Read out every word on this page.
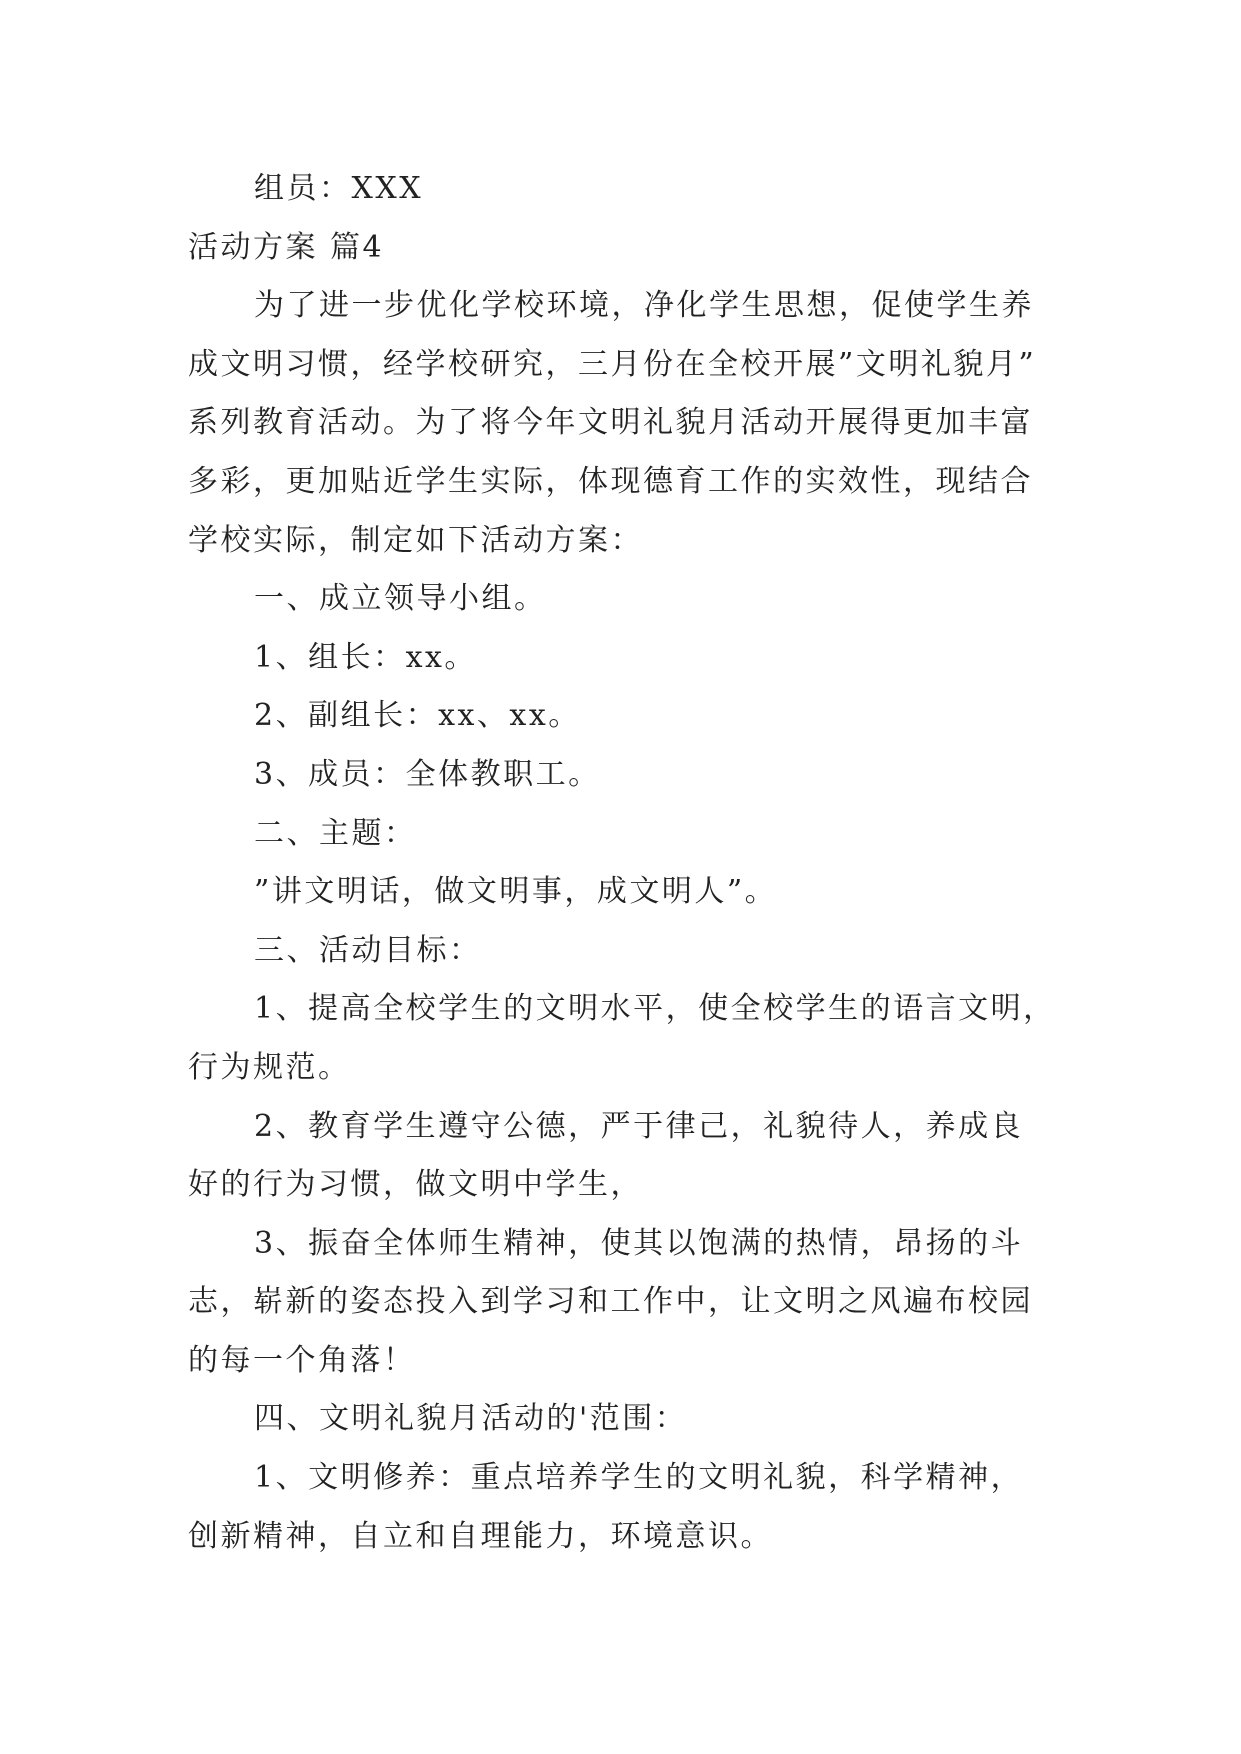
组员：XXX
活动方案 篇4
为了进一步优化学校环境，净化学生思想，促使学生养
成文明习惯，经学校研究，三月份在全校开展”文明礼貌月”
系列教育活动。为了将今年文明礼貌月活动开展得更加丰富
多彩，更加贴近学生实际，体现德育工作的实效性，现结合
学校实际，制定如下活动方案：
一、成立领导小组。
1、组长：xx。
2、副组长：xx、xx。
3、成员：全体教职工。
二、主题：
”讲文明话，做文明事，成文明人”。
三、活动目标：
1、提高全校学生的文明水平，使全校学生的语言文明，
行为规范。
2、教育学生遵守公德，严于律己，礼貌待人，养成良
好的行为习惯，做文明中学生，
3、振奋全体师生精神，使其以饱满的热情，昂扬的斗
志，崭新的姿态投入到学习和工作中，让文明之风遍布校园
的每一个角落！
四、文明礼貌月活动的'范围：
1、文明修养：重点培养学生的文明礼貌，科学精神，
创新精神，自立和自理能力，环境意识。
